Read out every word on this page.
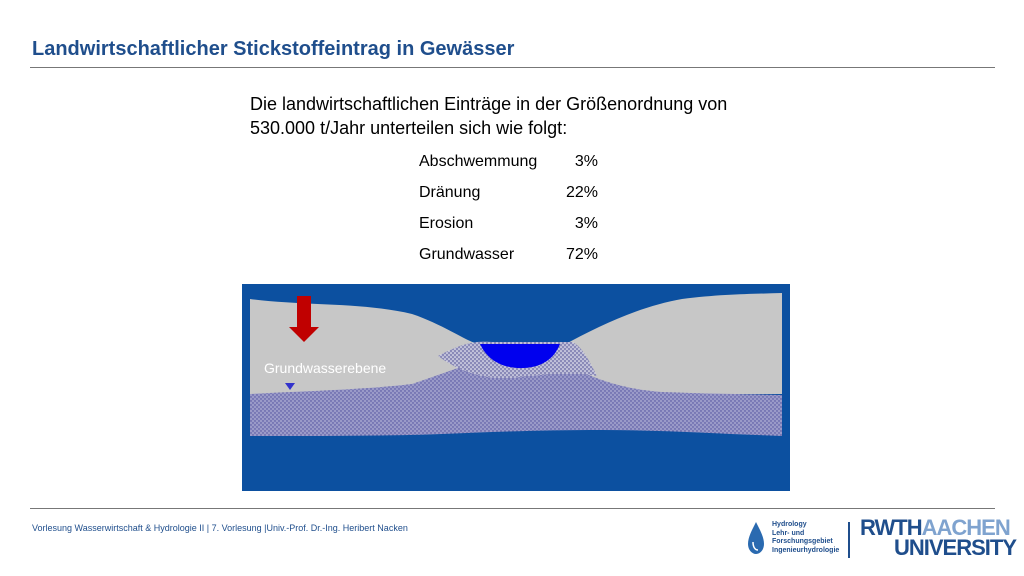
Landwirtschaftlicher Stickstoffeintrag in Gewässer
Die landwirtschaftlichen Einträge in der Größenordnung von
530.000 t/Jahr unterteilen sich wie folgt:
Abschwemmung	3%
Dränung	22%
Erosion	3%
Grundwasser	72%
Grundwasserebene
Vorlesung Wasserwirtschaft & Hydrologie II | 7. Vorlesung |Univ.-Prof. Dr.-Ing. Heribert Nacken	Hydrology
Lehr- und
Forschungsgebiet
Ingenieurhydrologie
RWTHAACHEN
UNIVERSITY
